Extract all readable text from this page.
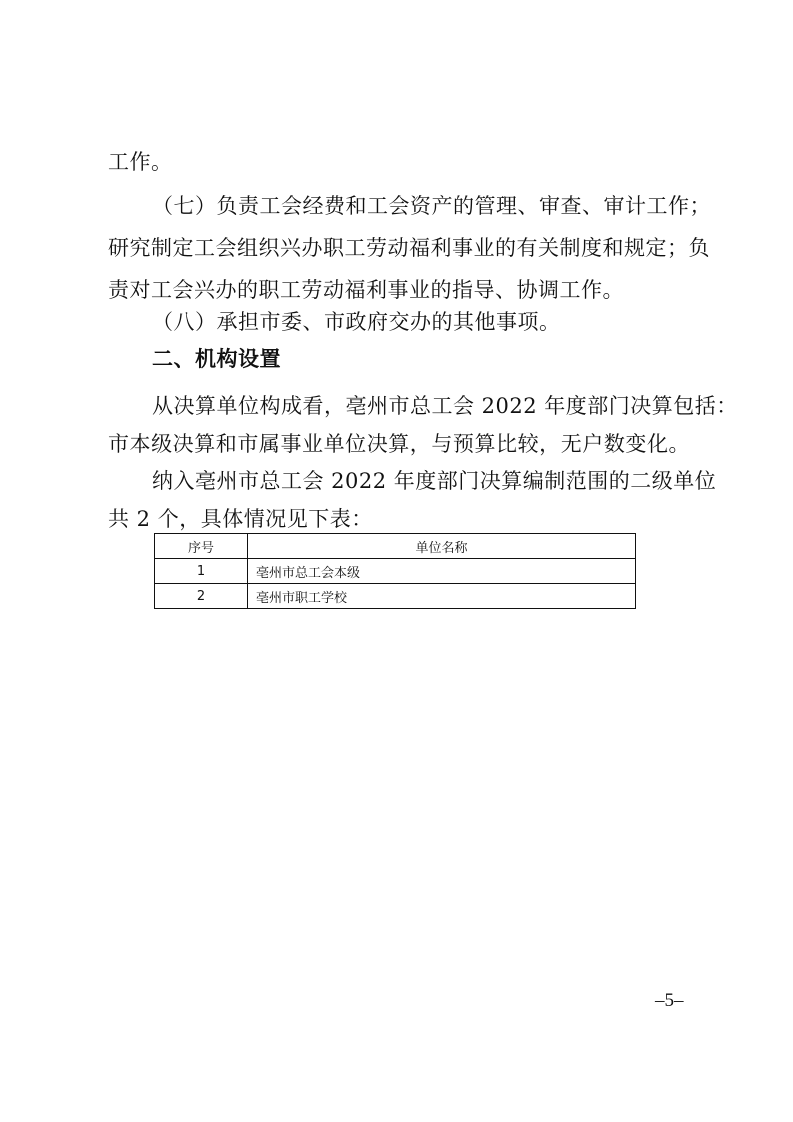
工作。
（七）负责工会经费和工会资产的管理、审查、审计工作；
研究制定工会组织兴办职工劳动福利事业的有关制度和规定；负
责对工会兴办的职工劳动福利事业的指导、协调工作。
（八）承担市委、市政府交办的其他事项。
二、机构设置
从决算单位构成看，亳州市总工会 2022 年度部门决算包括：
市本级决算和市属事业单位决算，与预算比较，无户数变化。
纳入亳州市总工会 2022 年度部门决算编制范围的二级单位
共 2 个，具体情况见下表：
序号	单位名称
1	亳州市总工会本级
2	亳州市职工学校
–5–
